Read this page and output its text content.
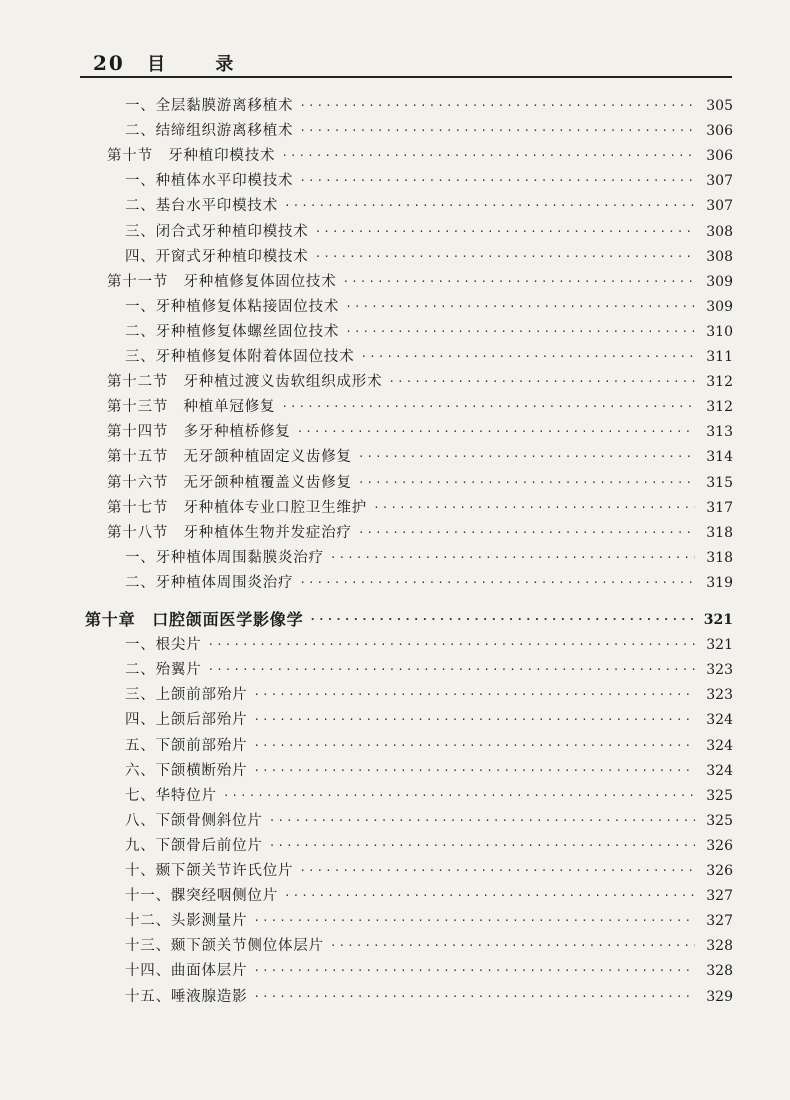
20 目 录
一、全层黏膜游离移植术 .....	305
二、结缔组织游离移植术 .....	306
第十节　牙种植印模技术 .....	306
一、种植体水平印模技术 .....	307
二、基台水平印模技术 .....	307
三、闭合式牙种植印模技术 .....	308
四、开窗式牙种植印模技术 .....	308
第十一节　牙种植修复体固位技术 .....	309
一、牙种植修复体粘接固位技术 .....	309
二、牙种植修复体螺丝固位技术 .....	310
三、牙种植修复体附着体固位技术 .....	311
第十二节　牙种植过渡义齿软组织成形术 .....	312
第十三节　种植单冠修复 .....	312
第十四节　多牙种植桥修复 .....	313
第十五节　无牙颌种植固定义齿修复 .....	314
第十六节　无牙颌种植覆盖义齿修复 .....	315
第十七节　牙种植体专业口腔卫生维护 .....	317
第十八节　牙种植体生物并发症治疗 .....	318
一、牙种植体周围黏膜炎治疗 .....	318
二、牙种植体周围炎治疗 .....	319
第十章　口腔颌面医学影像学 .....	321
一、根尖片 .....	321
二、殆翼片 .....	323
三、上颌前部殆片 .....	323
四、上颌后部殆片 .....	324
五、下颌前部殆片 .....	324
六、下颌横断殆片 .....	324
七、华特位片 .....	325
八、下颌骨侧斜位片 .....	325
九、下颌骨后前位片 .....	326
十、颞下颌关节许氏位片 .....	326
十一、髁突经咽侧位片 .....	327
十二、头影测量片 .....	327
十三、颞下颌关节侧位体层片 .....	328
十四、曲面体层片 .....	328
十五、唾液腺造影 .....	329
